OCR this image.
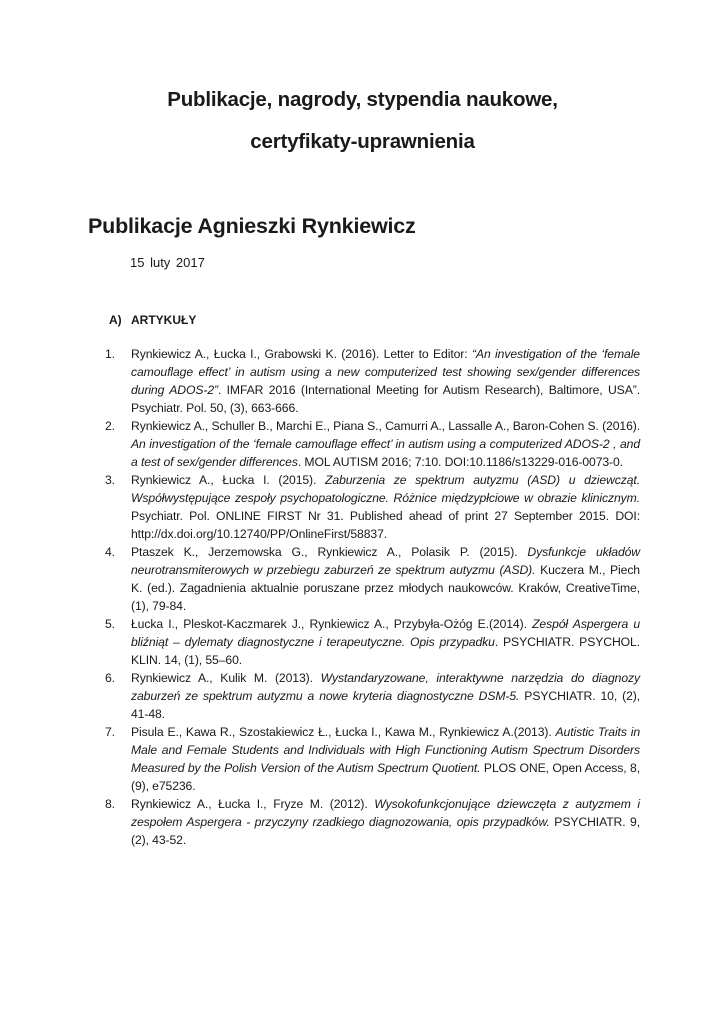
Publikacje, nagrody, stypendia naukowe,
certyfikaty-uprawnienia
Publikacje Agnieszki Rynkiewicz
15 luty 2017
A) ARTYKUŁY
1. Rynkiewicz A., Łucka I., Grabowski K. (2016). Letter to Editor: “An investigation of the ‘female camouflage effect’ in autism using a new computerized test showing sex/gender differences during ADOS-2”. IMFAR 2016 (International Meeting for Autism Research), Baltimore, USA”. Psychiatr. Pol. 50, (3), 663-666.
2. Rynkiewicz A., Schuller B., Marchi E., Piana S., Camurri A., Lassalle A., Baron-Cohen S. (2016). An investigation of the ‘female camouflage effect’ in autism using a computerized ADOS-2 , and a test of sex/gender differences. MOL AUTISM 2016; 7:10. DOI:10.1186/s13229-016-0073-0.
3. Rynkiewicz A., Łucka I. (2015). Zaburzenia ze spektrum autyzmu (ASD) u dziewcząt. Współwystępujące zespoły psychopatologiczne. Różnice międzypłciowe w obrazie klinicznym. Psychiatr. Pol. ONLINE FIRST Nr 31. Published ahead of print 27 September 2015. DOI: http://dx.doi.org/10.12740/PP/OnlineFirst/58837.
4. Ptaszek K., Jerzemowska G., Rynkiewicz A., Polasik P. (2015). Dysfunkcje układów neurotransmiterowych w przebiegu zaburzeń ze spektrum autyzmu (ASD). Kuczera M., Piech K. (ed.). Zagadnienia aktualnie poruszane przez młodych naukowców. Kraków, CreativeTime, (1), 79-84.
5. Łucka I., Pleskot-Kaczmarek J., Rynkiewicz A., Przybyła-Ożóg E.(2014). Zespół Aspergera u bliźniąt – dylematy diagnostyczne i terapeutyczne. Opis przypadku. PSYCHIATR. PSYCHOL. KLIN. 14, (1), 55–60.
6. Rynkiewicz A., Kulik M. (2013). Wystandaryzowane, interaktywne narzędzia do diagnozy zaburzeń ze spektrum autyzmu a nowe kryteria diagnostyczne DSM-5. PSYCHIATR. 10, (2), 41-48.
7. Pisula E., Kawa R., Szostakiewicz Ł., Łucka I., Kawa M., Rynkiewicz A.(2013). Autistic Traits in Male and Female Students and Individuals with High Functioning Autism Spectrum Disorders Measured by the Polish Version of the Autism Spectrum Quotient. PLOS ONE, Open Access, 8, (9), e75236.
8. Rynkiewicz A., Łucka I., Fryze M. (2012). Wysokofunkcjonujące dziewczęta z autyzmem i zespołem Aspergera - przyczyny rzadkiego diagnozowania, opis przypadków. PSYCHIATR. 9, (2), 43-52.
